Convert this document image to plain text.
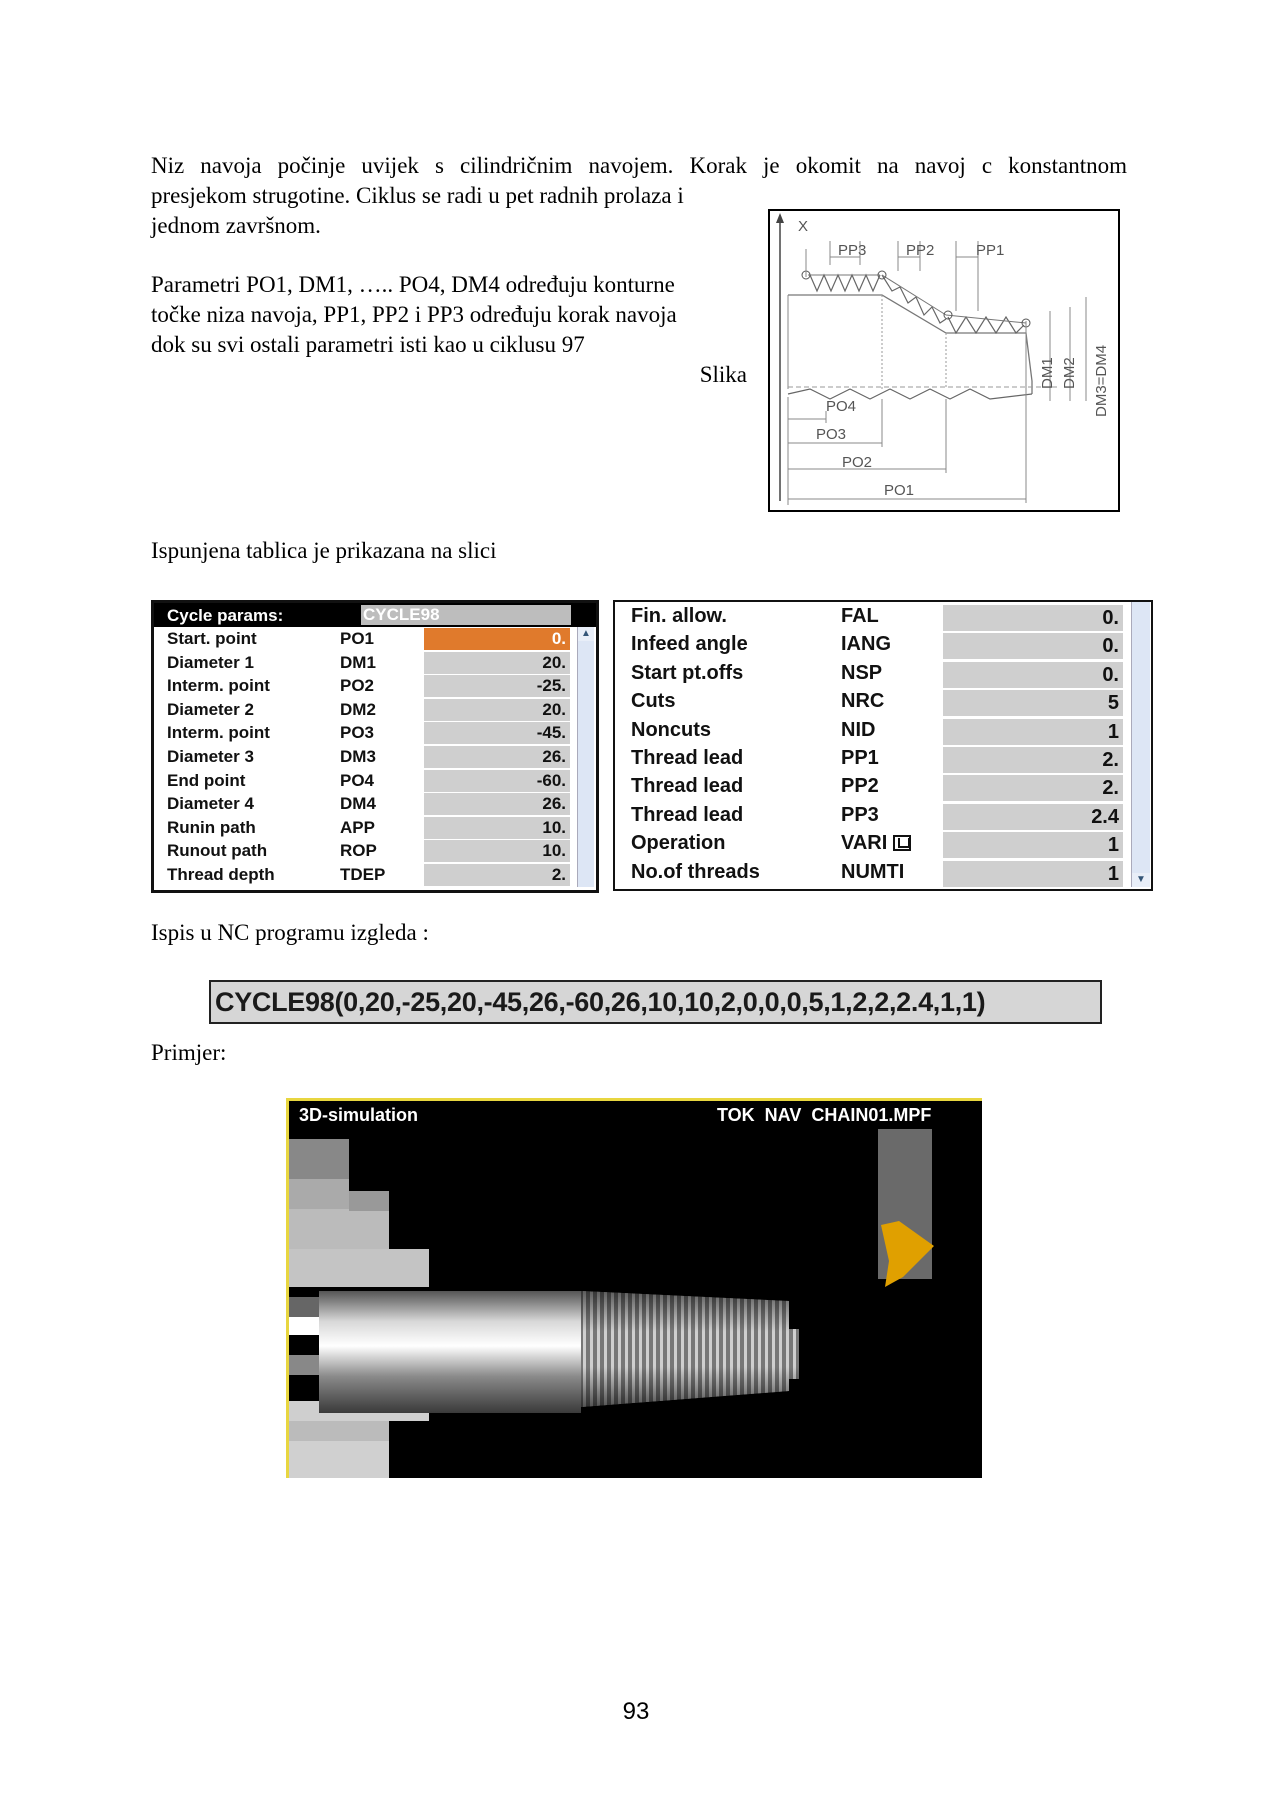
Niz navoja počinje uvijek s cilindričnim navojem. Korak je okomit na navoj c konstantnom
presjekom strugotine. Ciklus se radi u pet radnih prolaza i
jednom završnom.
Parametri PO1, DM1, ….. PO4, DM4 određuju konturne
točke niza navoja, PP1, PP2 i PP3 određuju korak navoja
dok su svi ostali parametri isti kao u ciklusu 97
Slika
X
PP3	PP2	PP1
DM1 DM2 DM3=DM4
PO4
PO3
PO2
PO1
Ispunjena tablica je prikazana na slici
Cycle params:	CYCLE98
Start. point	PO1	0.
Diameter 1	DM1	20.
Interm. point	PO2	-25.
Diameter 2	DM2	20.
Interm. point	PO3	-45.
Diameter 3	DM3	26.
End point	PO4	-60.
Diameter 4	DM4	26.
Runin path	APP	10.
Runout path	ROP	10.
Thread depth	TDEP	2.
▲
Fin. allow.	FAL	0.
Infeed angle	IANG	0.
Start pt.offs	NSP	0.
Cuts	NRC	5
Noncuts	NID	1
Thread lead	PP1	2.
Thread lead	PP2	2.
Thread lead	PP3	2.4
Operation	VARI	1
No.of threads	NUMTI	1	▼
Ispis u NC programu izgleda :
CYCLE98(0,20,-25,20,-45,26,-60,26,10,10,2,0,0,0,5,1,2,2,2.4,1,1)
Primjer:
3D-simulation	TOK  NAV  CHAIN01.MPF
93
